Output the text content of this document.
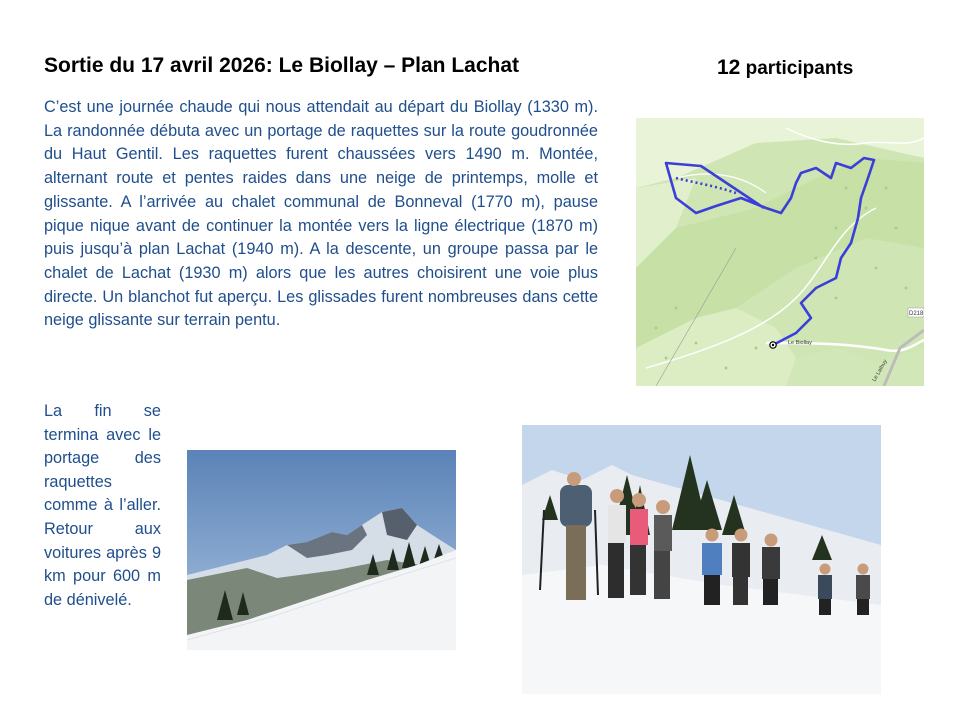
Sortie du 17 avril 2026: Le Biollay – Plan Lachat	12 participants
C’est une journée chaude qui nous attendait au départ du Biollay (1330 m). La randonnée débuta avec un portage de raquettes sur la route goudronnée du Haut Gentil. Les raquettes furent chaussées vers 1490 m. Montée, alternant route et pentes raides dans une neige de printemps, molle et glissante. A l’arrivée au chalet communal de Bonneval (1770 m), pause pique nique avant de continuer la montée vers la ligne électrique (1870 m) puis jusqu’à plan Lachat (1940 m). A la descente, un groupe passa par le chalet de Lachat (1930 m) alors que les autres choisirent une voie plus directe. Un blanchot fut aperçu. Les glissades furent nombreuses dans cette neige glissante sur terrain pentu.
La fin se termina avec le portage des raquettes comme à l’aller. Retour aux voitures après 9 km pour 600 m de dénivelé.
D218
Le Biollay
Le Lathuy
